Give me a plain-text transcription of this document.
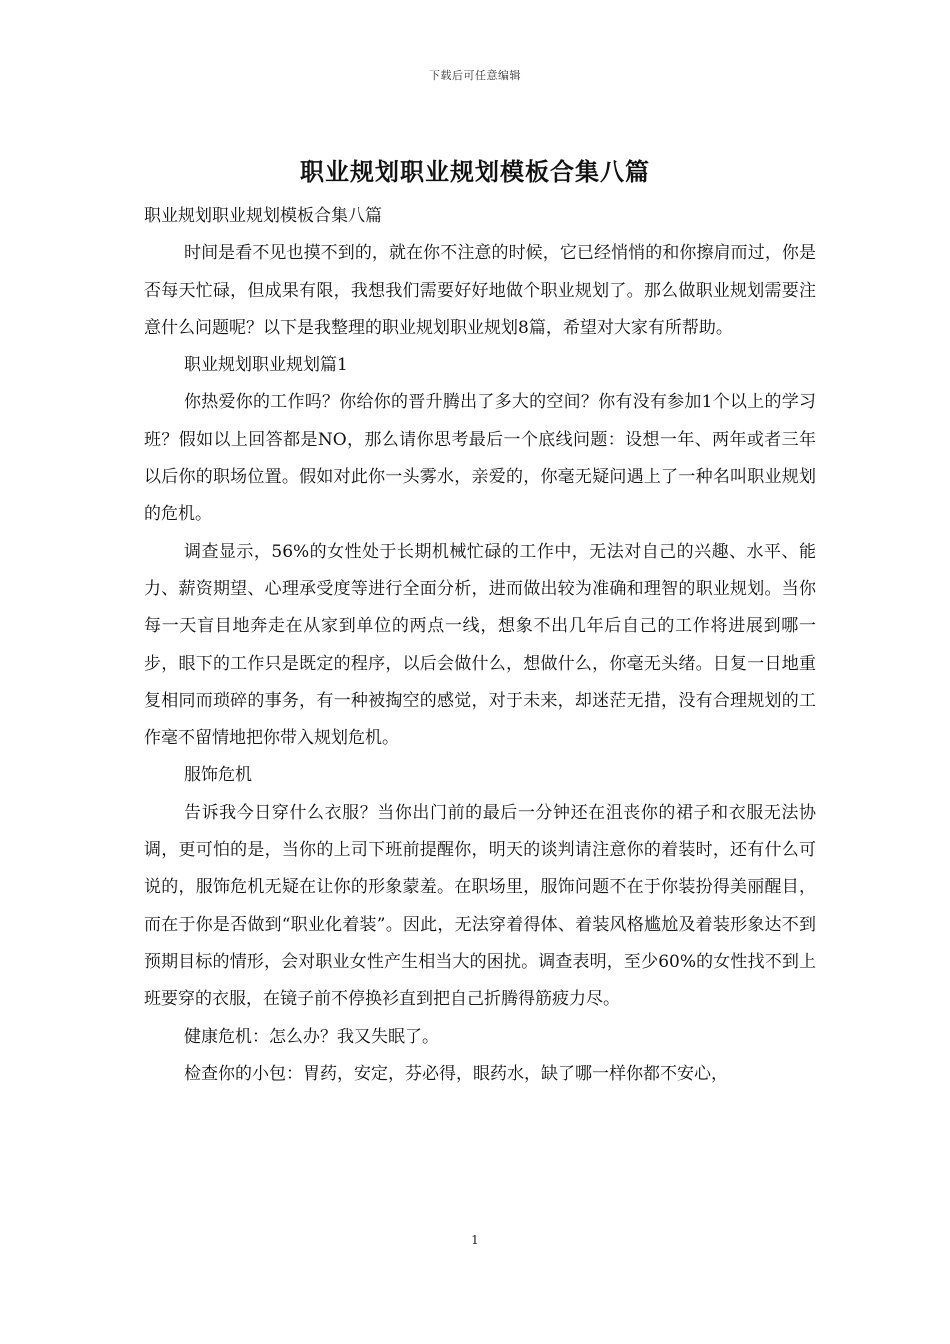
下载后可任意编辑
职业规划职业规划模板合集八篇

职业规划职业规划模板合集八篇

时间是看不见也摸不到的，就在你不注意的时候，它已经悄悄的和你擦肩而过，你是否每天忙碌，但成果有限，我想我们需要好好地做个职业规划了。那么做职业规划需要注意什么问题呢？以下是我整理的职业规划职业规划8篇，希望对大家有所帮助。

职业规划职业规划篇1

你热爱你的工作吗？你给你的晋升腾出了多大的空间？你有没有参加1个以上的学习班？假如以上回答都是NO，那么请你思考最后一个底线问题：设想一年、两年或者三年以后你的职场位置。假如对此你一头雾水，亲爱的，你毫无疑问遇上了一种名叫职业规划的危机。

调查显示，56%的女性处于长期机械忙碌的工作中，无法对自己的兴趣、水平、能力、薪资期望、心理承受度等进行全面分析，进而做出较为准确和理智的职业规划。当你每一天盲目地奔走在从家到单位的两点一线，想象不出几年后自己的工作将进展到哪一步，眼下的工作只是既定的程序，以后会做什么，想做什么，你毫无头绪。日复一日地重复相同而琐碎的事务，有一种被掏空的感觉，对于未来，却迷茫无措，没有合理规划的工作毫不留情地把你带入规划危机。

服饰危机

告诉我今日穿什么衣服？当你出门前的最后一分钟还在沮丧你的裙子和衣服无法协调，更可怕的是，当你的上司下班前提醒你，明天的谈判请注意你的着装时，还有什么可说的，服饰危机无疑在让你的形象蒙羞。在职场里，服饰问题不在于你装扮得美丽醒目，而在于你是否做到“职业化着装”。因此，无法穿着得体、着装风格尴尬及着装形象达不到预期目标的情形，会对职业女性产生相当大的困扰。调查表明，至少60%的女性找不到上班要穿的衣服，在镜子前不停换衫直到把自己折腾得筋疲力尽。

健康危机：怎么办？我又失眠了。

检查你的小包：胃药，安定，芬必得，眼药水，缺了哪一样你都不安心，

1
